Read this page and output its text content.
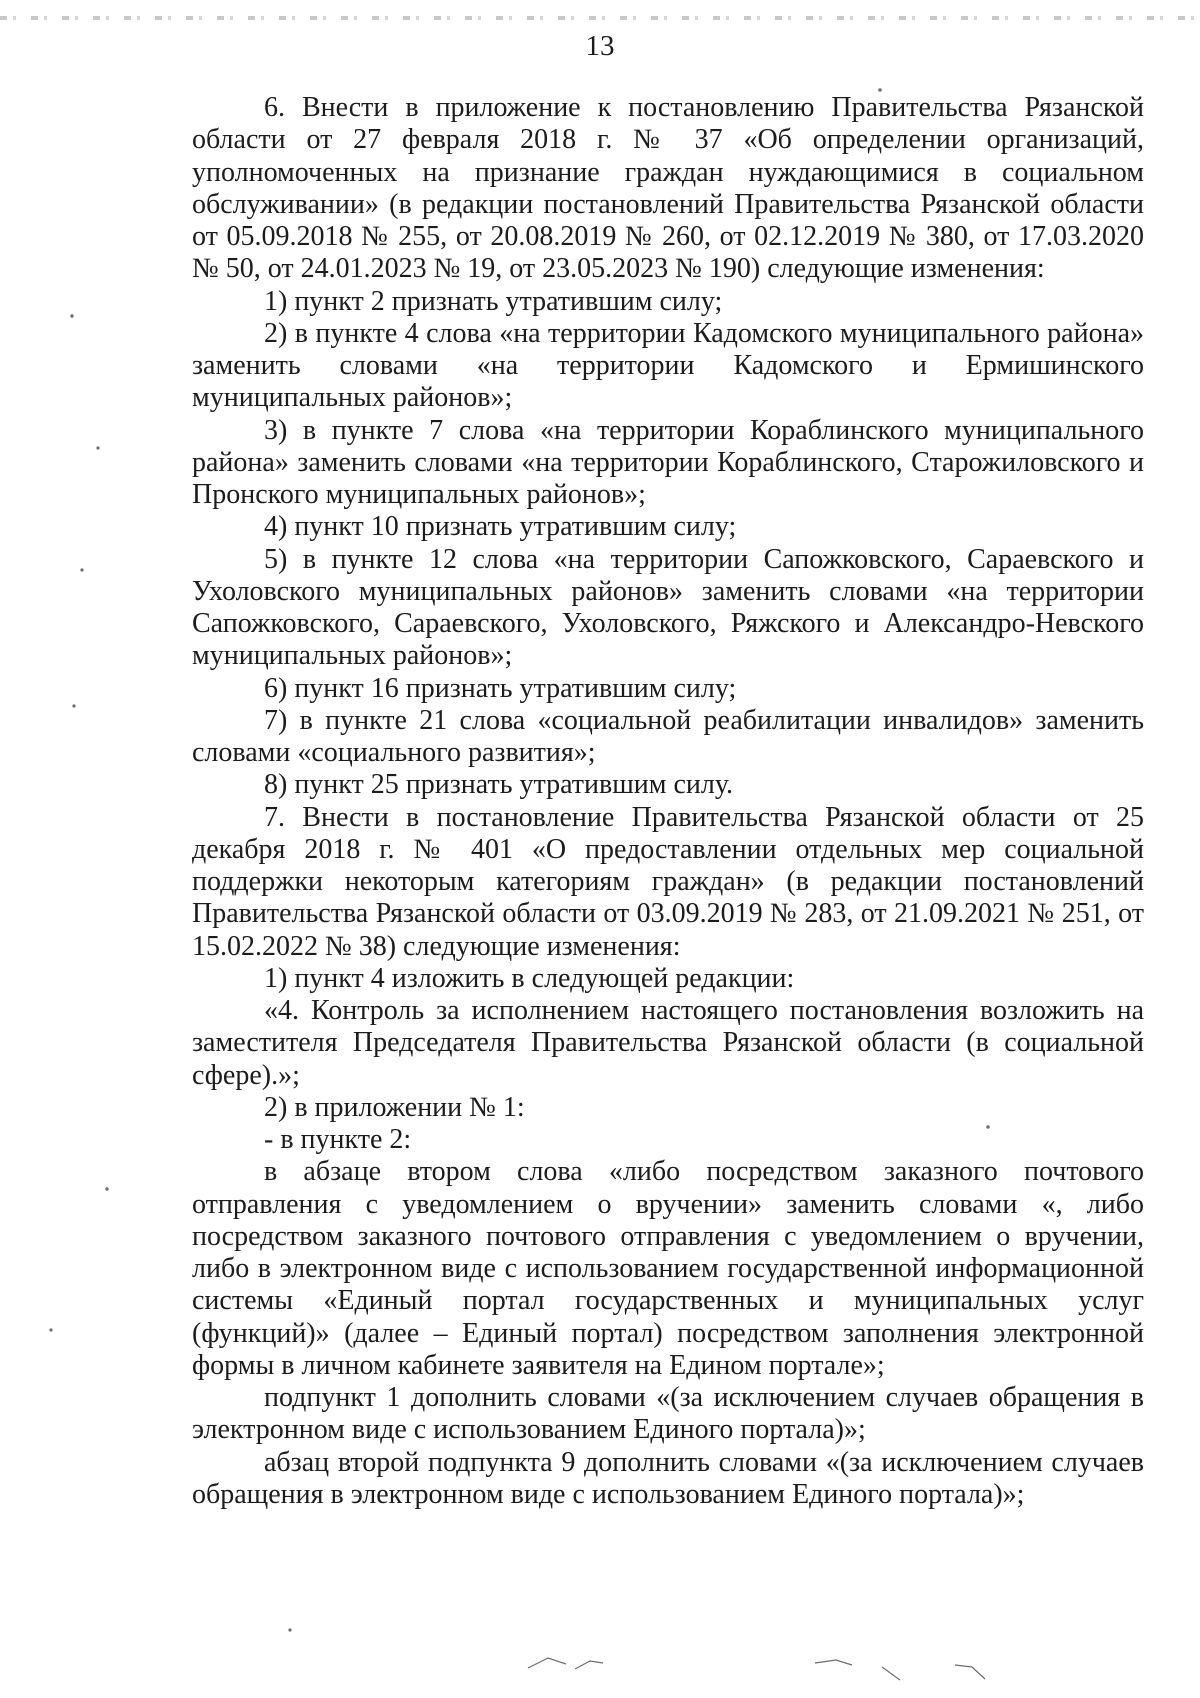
13

6. Внести в приложение к постановлению Правительства Рязанской области от 27 февраля 2018 г. № 37 «Об определении организаций, уполномоченных на признание граждан нуждающимися в социальном обслуживании» (в редакции постановлений Правительства Рязанской области от 05.09.2018 № 255, от 20.08.2019 № 260, от 02.12.2019 № 380, от 17.03.2020 № 50, от 24.01.2023 № 19, от 23.05.2023 № 190) следующие изменения:

1) пункт 2 признать утратившим силу;

2) в пункте 4 слова «на территории Кадомского муниципального района» заменить словами «на территории Кадомского и Ермишинского муниципальных районов»;

3) в пункте 7 слова «на территории Кораблинского муниципального района» заменить словами «на территории Кораблинского, Старожиловского и Пронского муниципальных районов»;

4) пункт 10 признать утратившим силу;

5) в пункте 12 слова «на территории Сапожковского, Сараевского и Ухоловского муниципальных районов» заменить словами «на территории Сапожковского, Сараевского, Ухоловского, Ряжского и Александро-Невского муниципальных районов»;

6) пункт 16 признать утратившим силу;

7) в пункте 21 слова «социальной реабилитации инвалидов» заменить словами «социального развития»;

8) пункт 25 признать утратившим силу.

7. Внести в постановление Правительства Рязанской области от 25 декабря 2018 г. № 401 «О предоставлении отдельных мер социальной поддержки некоторым категориям граждан» (в редакции постановлений Правительства Рязанской области от 03.09.2019 № 283, от 21.09.2021 № 251, от 15.02.2022 № 38) следующие изменения:

1) пункт 4 изложить в следующей редакции:

«4. Контроль за исполнением настоящего постановления возложить на заместителя Председателя Правительства Рязанской области (в социальной сфере).»;

2) в приложении № 1:

- в пункте 2:

в абзаце втором слова «либо посредством заказного почтового отправления с уведомлением о вручении» заменить словами «, либо посредством заказного почтового отправления с уведомлением о вручении, либо в электронном виде с использованием государственной информационной системы «Единый портал государственных и муниципальных услуг (функций)» (далее – Единый портал) посредством заполнения электронной формы в личном кабинете заявителя на Едином портале»;

подпункт 1 дополнить словами «(за исключением случаев обращения в электронном виде с использованием Единого портала)»;

абзац второй подпункта 9 дополнить словами «(за исключением случаев обращения в электронном виде с использованием Единого портала)»;
